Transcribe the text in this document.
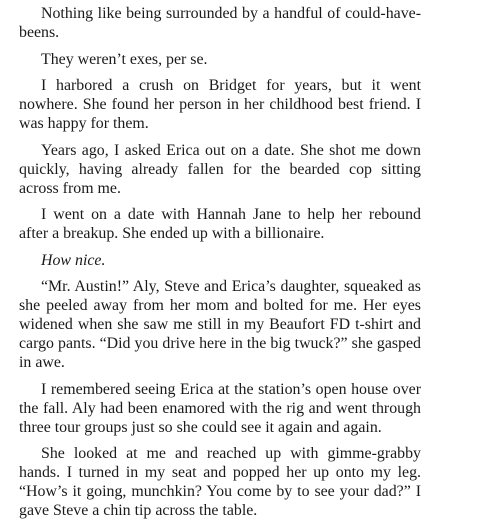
Nothing like being surrounded by a handful of could-have-beens.

They weren’t exes, per se.

I harbored a crush on Bridget for years, but it went nowhere. She found her person in her childhood best friend. I was happy for them.

Years ago, I asked Erica out on a date. She shot me down quickly, having already fallen for the bearded cop sitting across from me.

I went on a date with Hannah Jane to help her rebound after a breakup. She ended up with a billionaire.

How nice.

“Mr. Austin!” Aly, Steve and Erica’s daughter, squeaked as she peeled away from her mom and bolted for me. Her eyes widened when she saw me still in my Beaufort FD t-shirt and cargo pants. “Did you drive here in the big twuck?” she gasped in awe.

I remembered seeing Erica at the station’s open house over the fall. Aly had been enamored with the rig and went through three tour groups just so she could see it again and again.

She looked at me and reached up with gimme-grabby hands. I turned in my seat and popped her up onto my leg. “How’s it going, munchkin? You come by to see your dad?” I gave Steve a chin tip across the table.
